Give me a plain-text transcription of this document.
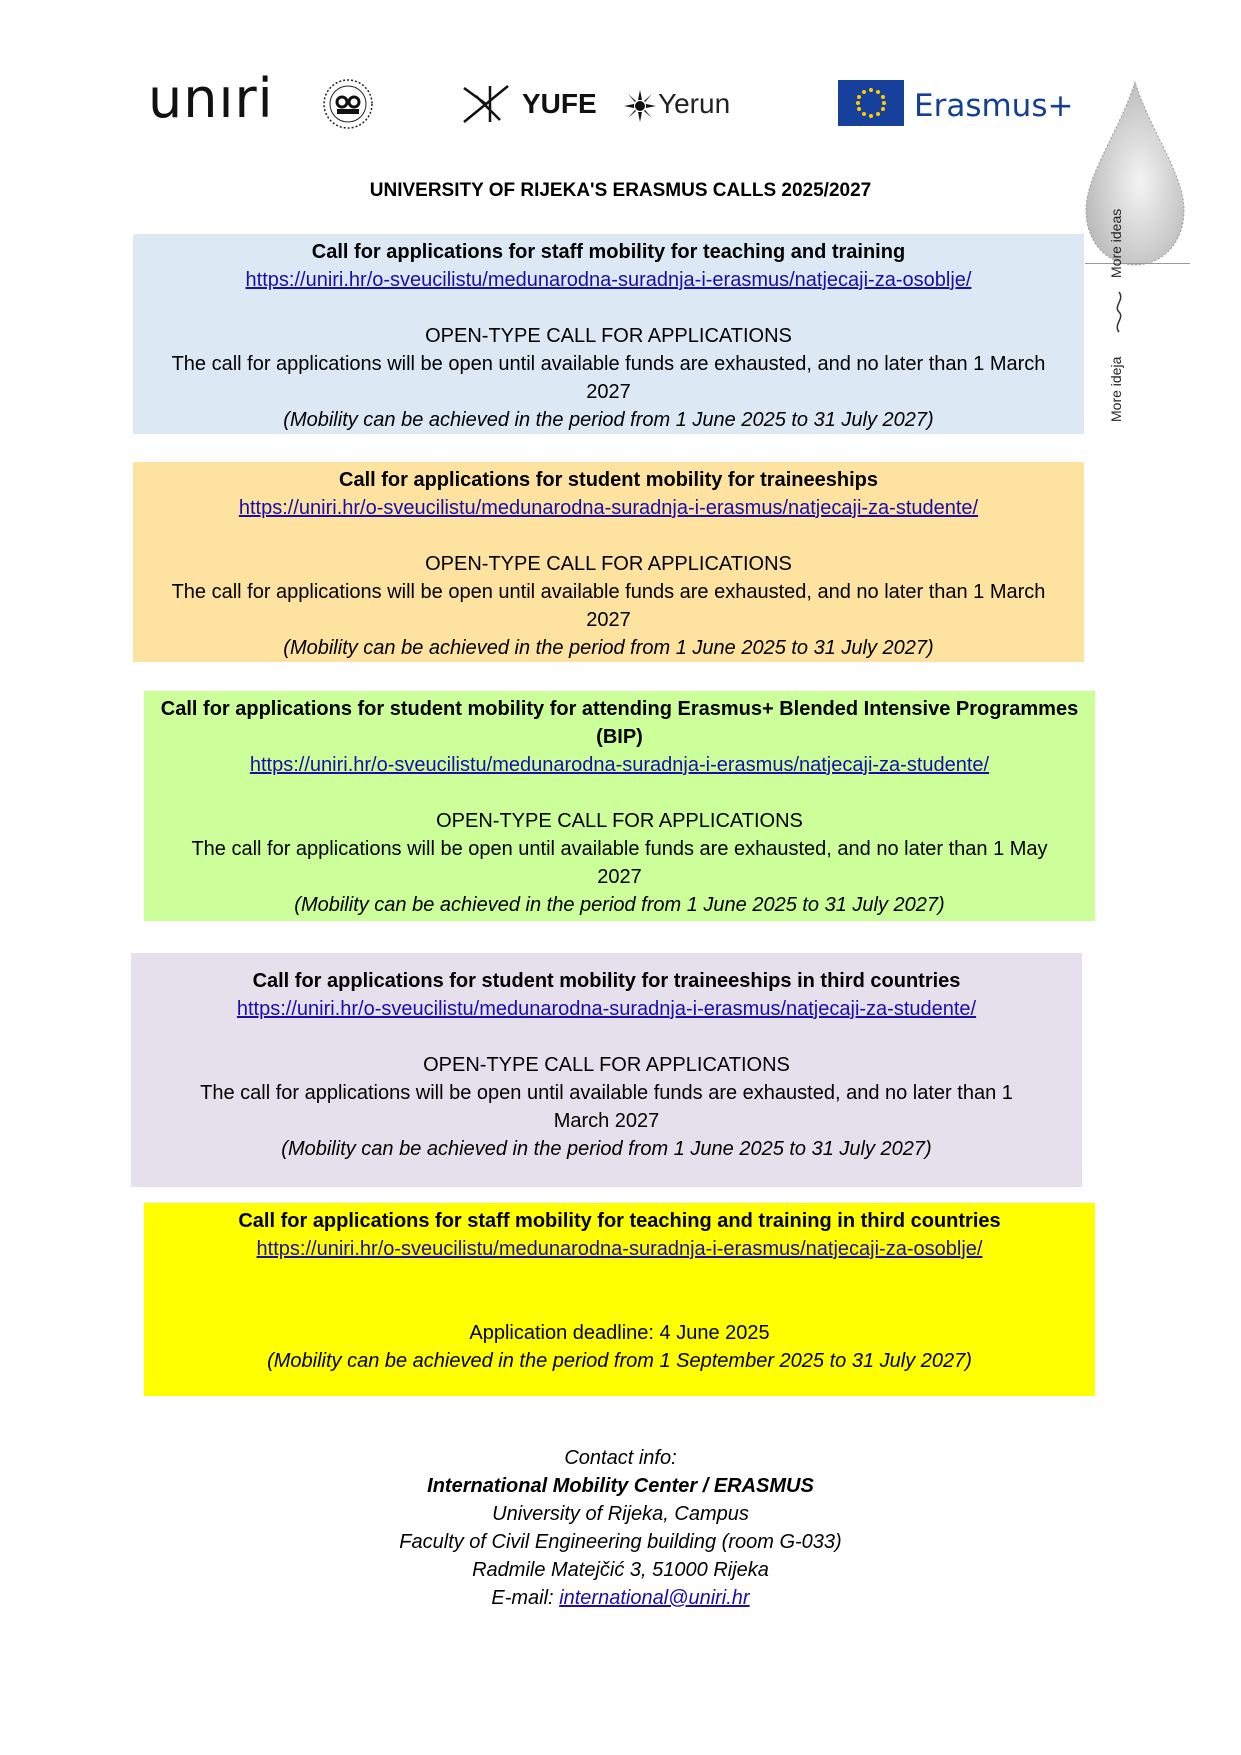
unıri	YUFE Yerun	Erasmus+
More ideas
More ideja
UNIVERSITY OF RIJEKA'S ERASMUS CALLS 2025/2027
Call for applications for staff mobility for teaching and training
https://uniri.hr/o-sveucilistu/medunarodna-suradnja-i-erasmus/natjecaji-za-osoblje/
OPEN-TYPE CALL FOR APPLICATIONS
The call for applications will be open until available funds are exhausted, and no later than 1 March
2027
(Mobility can be achieved in the period from 1 June 2025 to 31 July 2027)
Call for applications for student mobility for traineeships
https://uniri.hr/o-sveucilistu/medunarodna-suradnja-i-erasmus/natjecaji-za-studente/
OPEN-TYPE CALL FOR APPLICATIONS
The call for applications will be open until available funds are exhausted, and no later than 1 March
2027
(Mobility can be achieved in the period from 1 June 2025 to 31 July 2027)
Call for applications for student mobility for attending Erasmus+ Blended Intensive Programmes
(BIP)
https://uniri.hr/o-sveucilistu/medunarodna-suradnja-i-erasmus/natjecaji-za-studente/
OPEN-TYPE CALL FOR APPLICATIONS
The call for applications will be open until available funds are exhausted, and no later than 1 May
2027
(Mobility can be achieved in the period from 1 June 2025 to 31 July 2027)
Call for applications for student mobility for traineeships in third countries
https://uniri.hr/o-sveucilistu/medunarodna-suradnja-i-erasmus/natjecaji-za-studente/
OPEN-TYPE CALL FOR APPLICATIONS
The call for applications will be open until available funds are exhausted, and no later than 1
March 2027
(Mobility can be achieved in the period from 1 June 2025 to 31 July 2027)
Call for applications for staff mobility for teaching and training in third countries
https://uniri.hr/o-sveucilistu/medunarodna-suradnja-i-erasmus/natjecaji-za-osoblje/
Application deadline: 4 June 2025
(Mobility can be achieved in the period from 1 September 2025 to 31 July 2027)
Contact info:
International Mobility Center / ERASMUS
University of Rijeka, Campus
Faculty of Civil Engineering building (room G-033)
Radmile Matejčić 3, 51000 Rijeka
E-mail: international@uniri.hr
